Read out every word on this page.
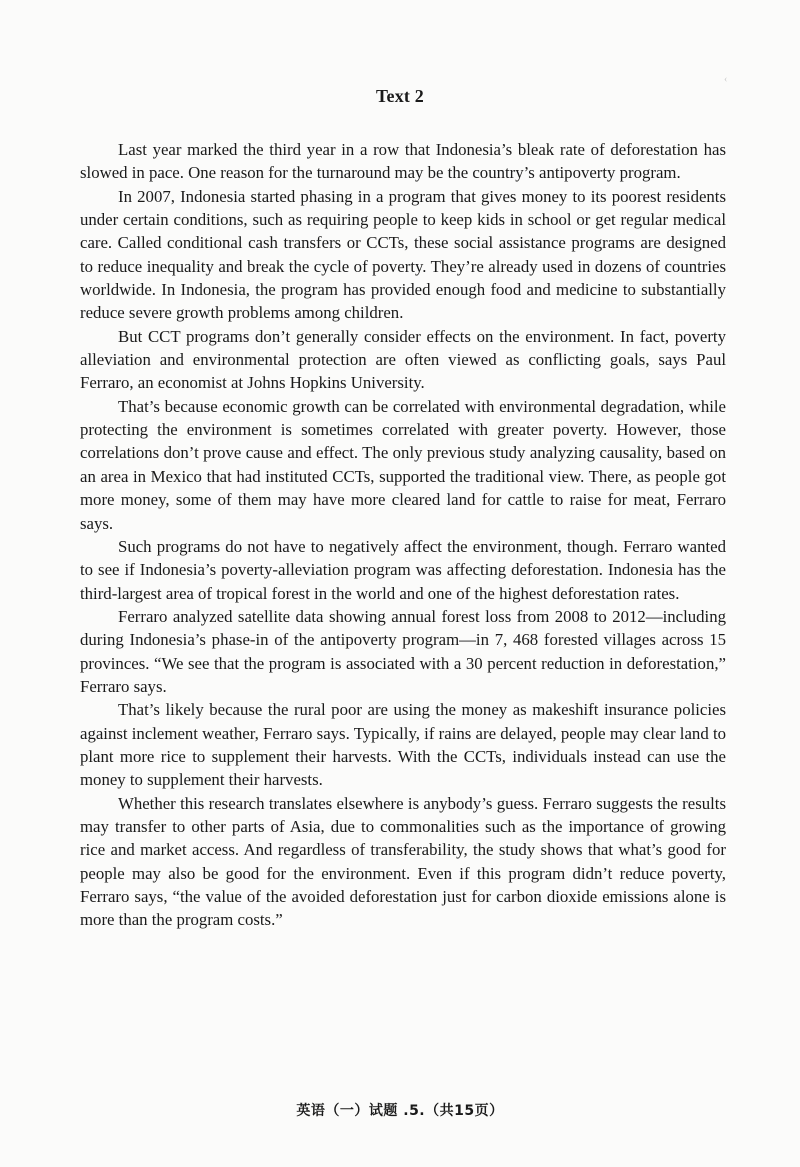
‹
Text 2

Last year marked the third year in a row that Indonesia’s bleak rate of deforestation has slowed in pace. One reason for the turnaround may be the country’s antipoverty program.

In 2007, Indonesia started phasing in a program that gives money to its poorest residents under certain conditions, such as requiring people to keep kids in school or get regular medical care. Called conditional cash transfers or CCTs, these social assistance programs are designed to reduce inequality and break the cycle of poverty. They’re already used in dozens of countries worldwide. In Indonesia, the program has provided enough food and medicine to substantially reduce severe growth problems among children.

But CCT programs don’t generally consider effects on the environment. In fact, poverty alleviation and environmental protection are often viewed as conflicting goals, says Paul Ferraro, an economist at Johns Hopkins University.

That’s because economic growth can be correlated with environmental degradation, while protecting the environment is sometimes correlated with greater poverty. However, those correlations don’t prove cause and effect. The only previous study analyzing causality, based on an area in Mexico that had instituted CCTs, supported the traditional view. There, as people got more money, some of them may have more cleared land for cattle to raise for meat, Ferraro says.

Such programs do not have to negatively affect the environment, though. Ferraro wanted to see if Indonesia’s poverty-alleviation program was affecting deforestation. Indonesia has the third-largest area of tropical forest in the world and one of the highest deforestation rates.

Ferraro analyzed satellite data showing annual forest loss from 2008 to 2012—including during Indonesia’s phase-in of the antipoverty program—in 7, 468 forested villages across 15 provinces. “We see that the program is associated with a 30 percent reduction in deforestation,” Ferraro says.

That’s likely because the rural poor are using the money as makeshift insurance policies against inclement weather, Ferraro says. Typically, if rains are delayed, people may clear land to plant more rice to supplement their harvests. With the CCTs, individuals instead can use the money to supplement their harvests.

Whether this research translates elsewhere is anybody’s guess. Ferraro suggests the results may transfer to other parts of Asia, due to commonalities such as the importance of growing rice and market access. And regardless of transferability, the study shows that what’s good for people may also be good for the environment. Even if this program didn’t reduce poverty, Ferraro says, “the value of the avoided deforestation just for carbon dioxide emissions alone is more than the program costs.”

英语（一）试题 .5.（共15页）
